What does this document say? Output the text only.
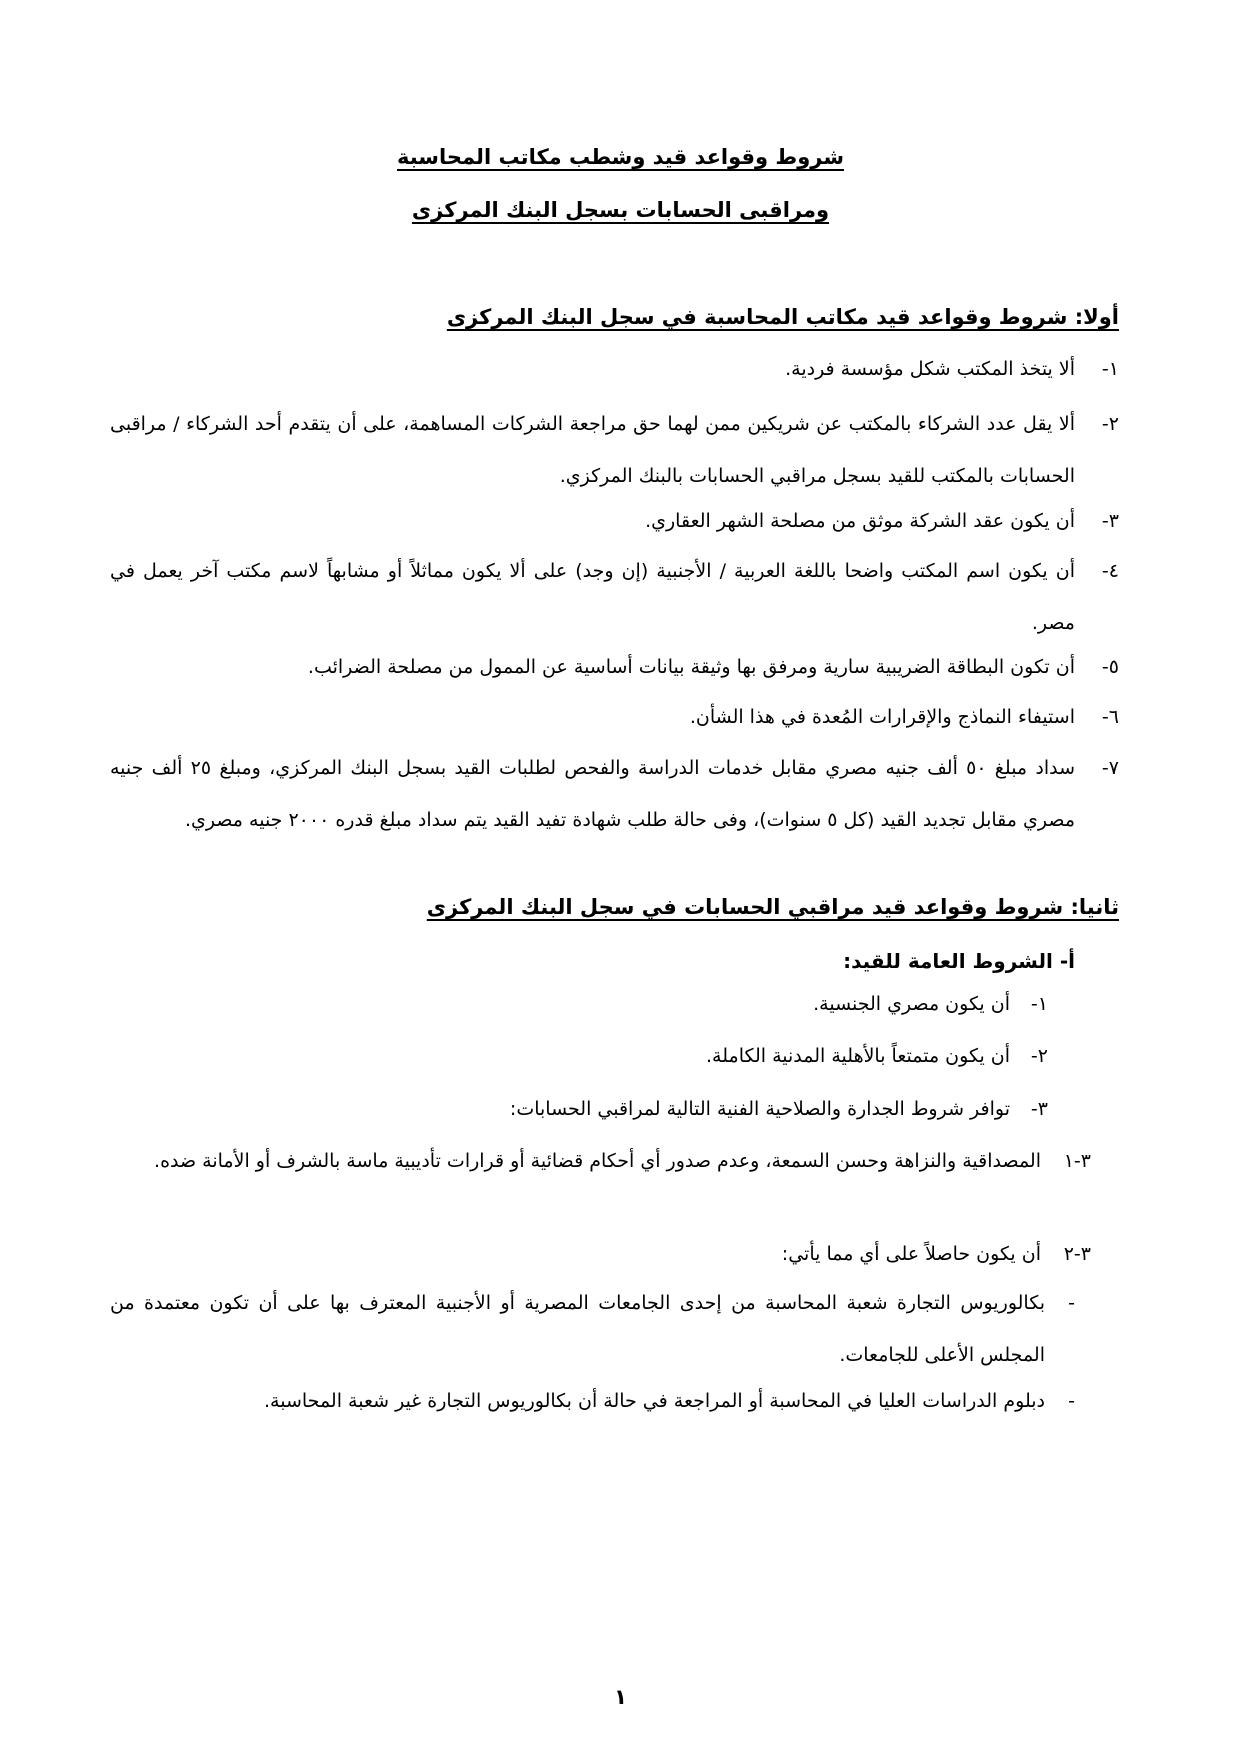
شروط وقواعد قيد وشطب مكاتب المحاسبة
ومراقبى الحسابات بسجل البنك المركزى
أولا: شروط وقواعد قيد مكاتب المحاسبة في سجل البنك المركزى
١-
ألا يتخذ المكتب شكل مؤسسة فردية.
٢-
ألا يقل عدد الشركاء بالمكتب عن شريكين ممن لهما حق مراجعة الشركات المساهمة، على أن يتقدم أحد الشركاء / مراقبى الحسابات بالمكتب للقيد بسجل مراقبي الحسابات بالبنك المركزي.
٣-
أن يكون عقد الشركة موثق من مصلحة الشهر العقاري.
٤-
أن يكون اسم المكتب واضحا باللغة العربية / الأجنبية (إن وجد) على ألا يكون مماثلاً أو مشابهاً لاسم مكتب آخر يعمل في مصر.
٥-
أن تكون البطاقة الضريبية سارية ومرفق بها وثيقة بيانات أساسية عن الممول من مصلحة الضرائب.
٦-
استيفاء النماذج والإقرارات المُعدة في هذا الشأن.
٧-
سداد مبلغ ٥٠ ألف جنيه مصري مقابل خدمات الدراسة والفحص لطلبات القيد بسجل البنك المركزي، ومبلغ ٢٥ ألف جنيه مصري مقابل تجديد القيد (كل ٥ سنوات)، وفى حالة طلب شهادة تفيد القيد يتم سداد مبلغ قدره ٢٠٠٠ جنيه مصري.
ثانيا: شروط وقواعد قيد مراقبي الحسابات في سجل البنك المركزى
أ- الشروط العامة للقيد:
١-
أن يكون مصري الجنسية.
٢-
أن يكون متمتعاً بالأهلية المدنية الكاملة.
٣-
توافر شروط الجدارة والصلاحية الفنية التالية لمراقبي الحسابات:
٣-١
المصداقية والنزاهة وحسن السمعة، وعدم صدور أي أحكام قضائية أو قرارات تأديبية ماسة بالشرف أو الأمانة ضده.
٣-٢
أن يكون حاصلاً على أي مما يأتي:
-
بكالوريوس التجارة شعبة المحاسبة من إحدى الجامعات المصرية أو الأجنبية المعترف بها على أن تكون معتمدة من المجلس الأعلى للجامعات.
-
دبلوم الدراسات العليا في المحاسبة أو المراجعة في حالة أن بكالوريوس التجارة غير شعبة المحاسبة.
١
